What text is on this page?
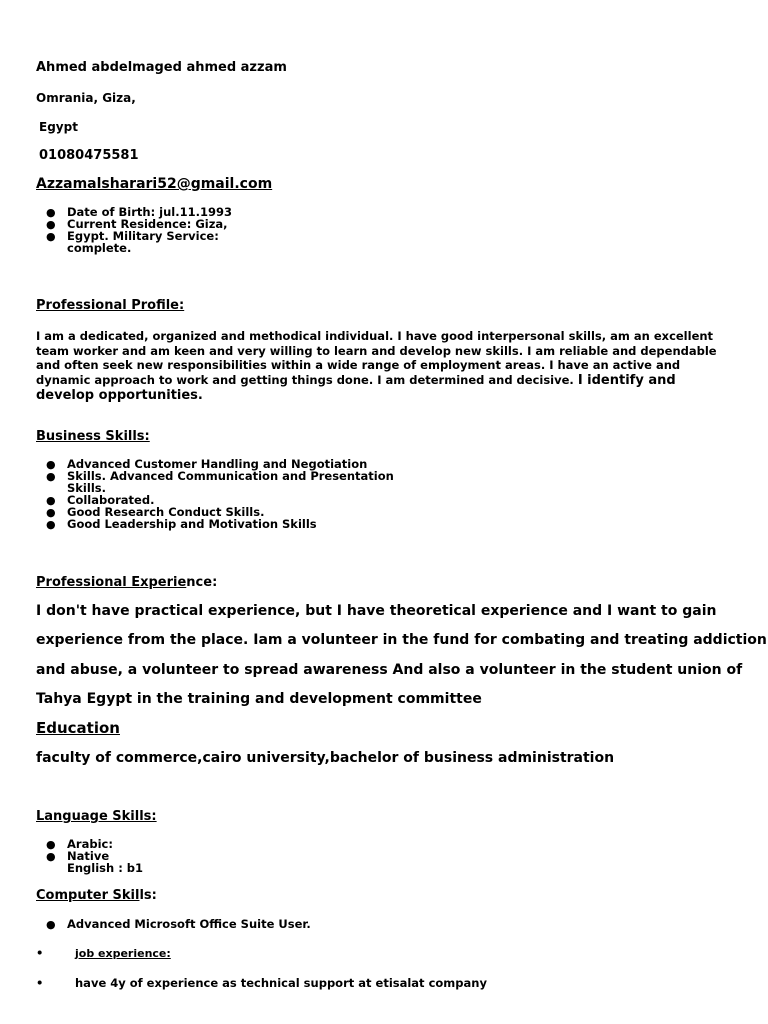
Ahmed abdelmaged ahmed azzam
Omrania, Giza,
Egypt
01080475581
Azzamalsharari52@gmail.com
● Date of Birth: jul.11.1993
● Current Residence: Giza,
● Egypt. Military Service:
complete.
Professional Profile:
I am a dedicated, organized and methodical individual. I have good interpersonal skills, am an excellent team worker and am keen and very willing to learn and develop new skills. I am reliable and dependable and often seek new responsibilities within a wide range of employment areas. I have an active and dynamic approach to work and getting things done. I am determined and decisive. I identify and develop opportunities.
Business Skills:
● Advanced Customer Handling and Negotiation
● Skills. Advanced Communication and Presentation
Skills.
● Collaborated.
● Good Research Conduct Skills.
● Good Leadership and Motivation Skills
Professional Experience:
I don't have practical experience, but I have theoretical experience and I want to gain
experience from the place. Iam a volunteer in the fund for combating and treating addiction
and abuse, a volunteer to spread awareness And also a volunteer in the student union of
Tahya Egypt in the training and development committee
Education
faculty of commerce,cairo university,bachelor of business administration
Language Skills:
● Arabic:
● Native
English : b1
Computer Skills:
● Advanced Microsoft Office Suite User.
•	job experience:
•	have 4y of experience as technical support at etisalat company
